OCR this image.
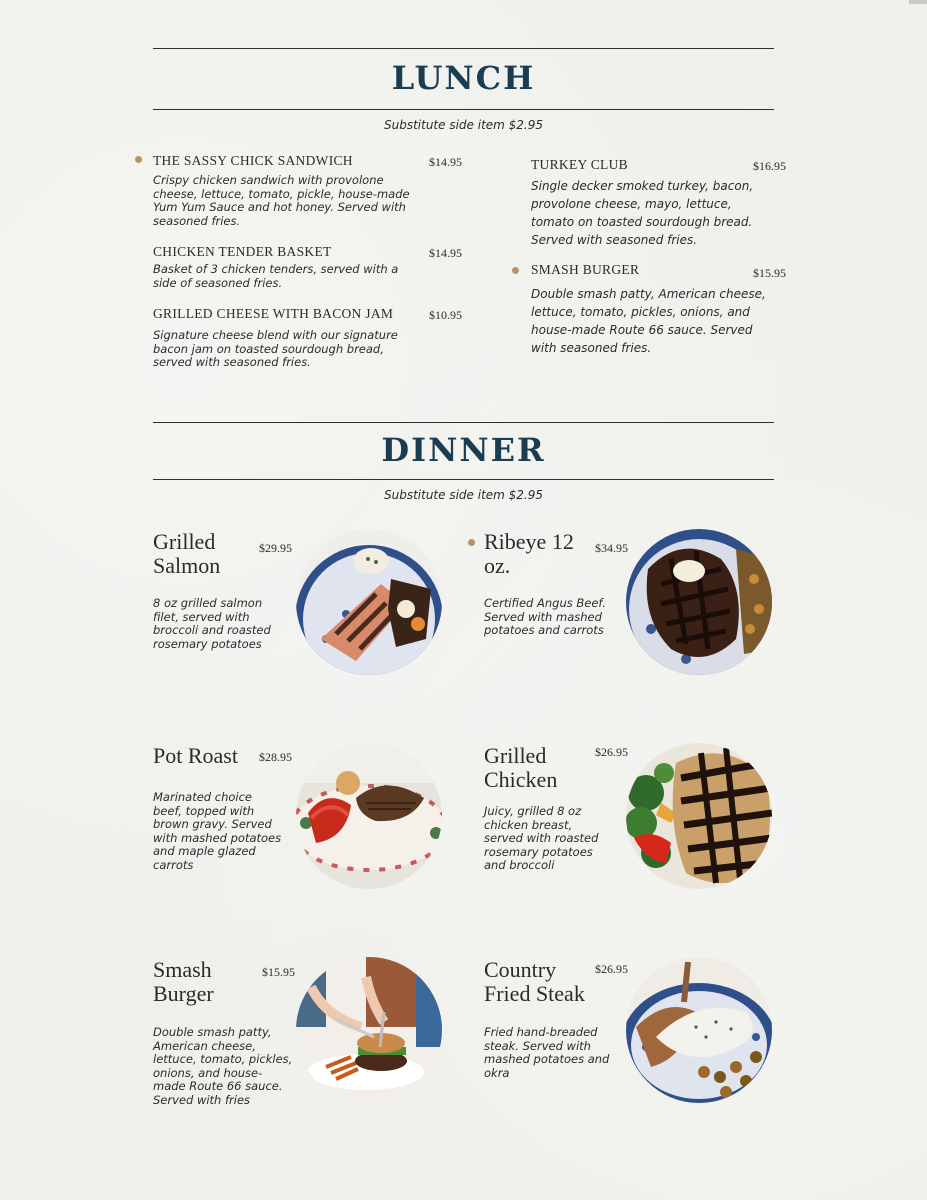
LUNCH
Substitute side item $2.95
THE SASSY CHICK SANDWICH	$14.95
Crispy chicken sandwich with provolone cheese, lettuce, tomato, pickle, house-made Yum Yum Sauce and hot honey. Served with seasoned fries.
CHICKEN TENDER BASKET	$14.95
Basket of 3 chicken tenders, served with a side of seasoned fries.
GRILLED CHEESE WITH BACON JAM	$10.95
Signature cheese blend with our signature bacon jam on toasted sourdough bread, served with seasoned fries.
TURKEY CLUB	$16.95
Single decker smoked turkey, bacon, provolone cheese, mayo, lettuce, tomato on toasted sourdough bread. Served with seasoned fries.
SMASH BURGER	$15.95
Double smash patty, American cheese, lettuce, tomato, pickles, onions, and house-made Route 66 sauce. Served with seasoned fries.
DINNER
Substitute side item $2.95
Grilled Salmon
$29.95
8 oz grilled salmon filet, served with broccoli and roasted rosemary potatoes
Ribeye 12 oz.
$34.95
Certified Angus Beef. Served with mashed potatoes and carrots
Pot Roast	$28.95
Marinated choice beef, topped with brown gravy. Served with mashed potatoes and maple glazed carrots
Grilled Chicken
$26.95
Juicy, grilled 8 oz chicken breast, served with roasted rosemary potatoes and broccoli
Smash Burger
$15.95
Double smash patty, American cheese, lettuce, tomato, pickles, onions, and house-made Route 66 sauce. Served with fries
Country Fried Steak
$26.95
Fried hand-breaded steak. Served with mashed potatoes and okra
